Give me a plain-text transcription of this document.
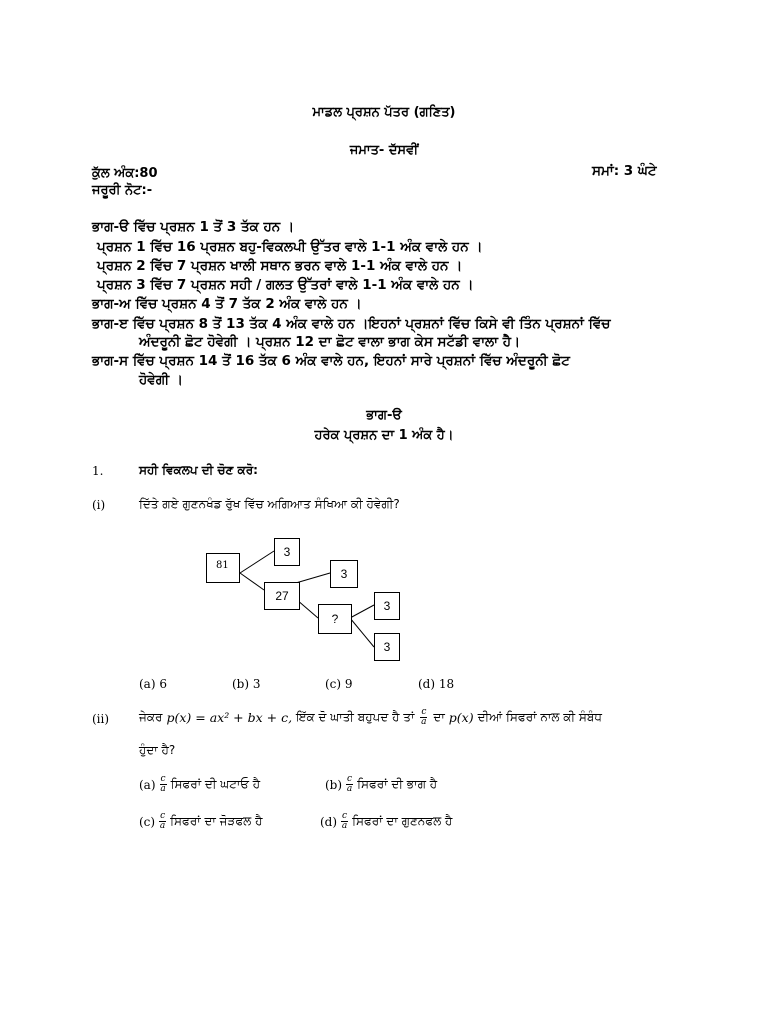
ਮਾਡਲ ਪ੍ਰਸ਼ਨ ਪੱਤਰ (ਗਣਿਤ)
ਜਮਾਤ- ਦੱਸਵੀਂ
ਕੁੱਲ ਅੰਕ:80	ਸਮਾਂ: 3 ਘੰਟੇ
ਜਰੂਰੀ ਨੋਟ:-
ਭਾਗ-ੳ ਵਿੱਚ ਪ੍ਰਸ਼ਨ 1 ਤੋਂ 3 ਤੱਕ ਹਨ ।
ਪ੍ਰਸ਼ਨ 1 ਵਿੱਚ 16 ਪ੍ਰਸ਼ਨ ਬਹੁ-ਵਿਕਲਪੀ ਉੱਤਰ ਵਾਲੇ 1-1 ਅੰਕ ਵਾਲੇ ਹਨ ।
ਪ੍ਰਸ਼ਨ 2 ਵਿੱਚ 7 ਪ੍ਰਸ਼ਨ ਖਾਲੀ ਸਥਾਨ ਭਰਨ ਵਾਲੇ 1-1 ਅੰਕ ਵਾਲੇ ਹਨ ।
ਪ੍ਰਸ਼ਨ 3 ਵਿੱਚ 7 ਪ੍ਰਸ਼ਨ ਸਹੀ / ਗਲਤ ਉੱਤਰਾਂ ਵਾਲੇ 1-1 ਅੰਕ ਵਾਲੇ ਹਨ ।
ਭਾਗ-ਅ ਵਿੱਚ ਪ੍ਰਸ਼ਨ 4 ਤੋਂ 7 ਤੱਕ 2 ਅੰਕ ਵਾਲੇ ਹਨ ।
ਭਾਗ-ੲ ਵਿੱਚ ਪ੍ਰਸ਼ਨ 8 ਤੋਂ 13 ਤੱਕ 4 ਅੰਕ ਵਾਲੇ ਹਨ ।ਇਹਨਾਂ ਪ੍ਰਸ਼ਨਾਂ ਵਿੱਚ ਕਿਸੇ ਵੀ ਤਿੰਨ ਪ੍ਰਸ਼ਨਾਂ ਵਿੱਚ
ਅੰਦਰੂਨੀ ਛੋਟ ਹੋਵੇਗੀ । ਪ੍ਰਸ਼ਨ 12 ਦਾ ਛੋਟ ਵਾਲਾ ਭਾਗ ਕੇਸ ਸਟੱਡੀ ਵਾਲਾ ਹੈ।
ਭਾਗ-ਸ ਵਿੱਚ ਪ੍ਰਸ਼ਨ 14 ਤੋਂ 16 ਤੱਕ 6 ਅੰਕ ਵਾਲੇ ਹਨ, ਇਹਨਾਂ ਸਾਰੇ ਪ੍ਰਸ਼ਨਾਂ ਵਿੱਚ ਅੰਦਰੂਨੀ ਛੋਟ
ਹੋਵੇਗੀ ।
ਭਾਗ-ੳ
ਹਰੇਕ ਪ੍ਰਸ਼ਨ ਦਾ 1 ਅੰਕ ਹੈ।
1.	ਸਹੀ ਵਿਕਲਪ ਦੀ ਚੋਣ ਕਰੋ:
(i)	ਦਿੱਤੇ ਗਏ ਗੁਣਨਖੰਡ ਰੁੱਖ ਵਿੱਚ ਅਗਿਆਤ ਸੰਖਿਆ ਕੀ ਹੋਵੇਗੀ?
81
3
27
3
?
3
3
(a) 6	(b) 3	(c) 9	(d) 18
(ii) ਜੇਕਰ p(x) = ax² + bx + c, ਇੱਕ ਦੋ ਘਾਤੀ ਬਹੁਪਦ ਹੈ ਤਾਂ $\frac{c}{a}$ ਦਾ p(x) ਦੀਆਂ ਸਿਫਰਾਂ ਨਾਲ ਕੀ ਸੰਬੰਧ
ਹੁੰਦਾ ਹੈ?
$(a) \frac{c}{a}$ ਸਿਫਰਾਂ ਦੀ ਘਟਾਓ ਹੈ	$(b) \frac{c}{a}$ ਸਿਫਰਾਂ ਦੀ ਭਾਗ ਹੈ
$(c) \frac{c}{a}$ ਸਿਫਰਾਂ ਦਾ ਜੋੜਫਲ ਹੈ	$(d) \frac{c}{a}$ ਸਿਫਰਾਂ ਦਾ ਗੁਣਨਫਲ ਹੈ
